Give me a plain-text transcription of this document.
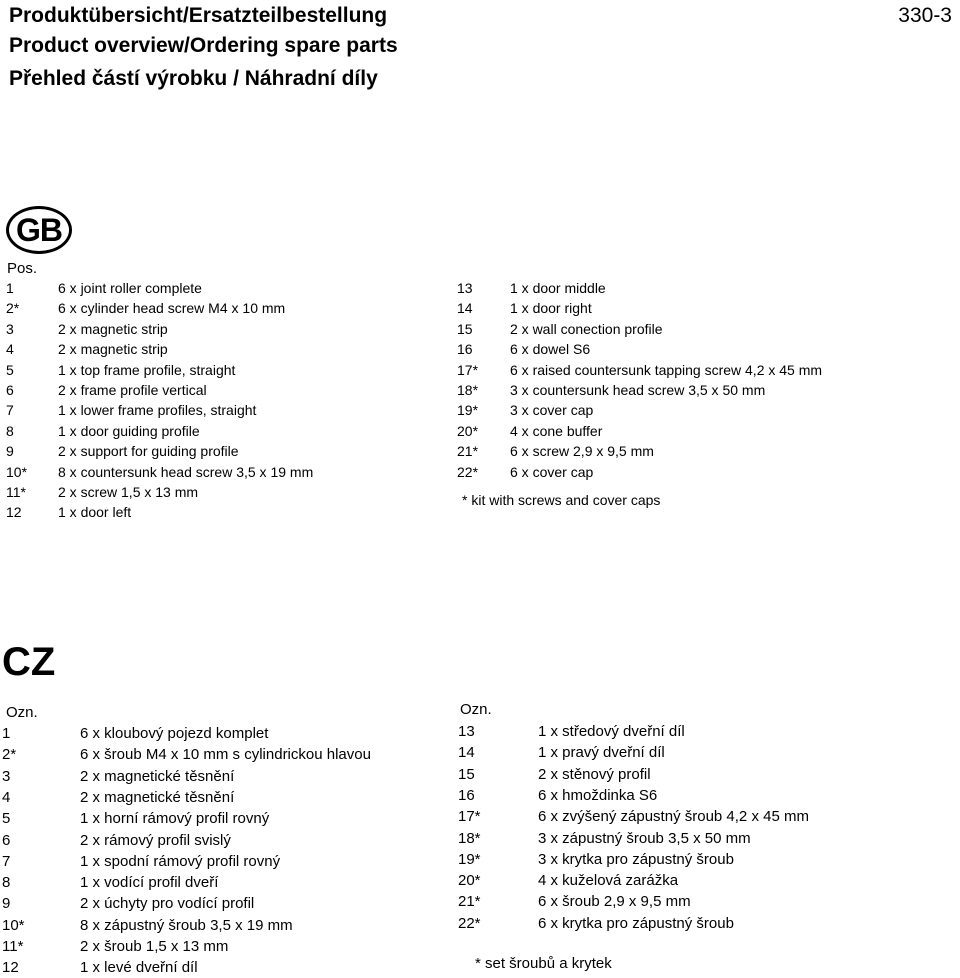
Produktübersicht/Ersatzteilbestellung
Product overview/Ordering spare parts
Přehled částí výrobku / Náhradní díly
330-3
GB
Pos.
1	6 x joint roller complete
2*	6 x cylinder head screw M4 x 10 mm
3	2 x magnetic strip
4	2 x magnetic strip
5	1 x top frame profile, straight
6	2 x frame profile vertical
7	1 x lower frame profiles, straight
8	1 x door guiding profile
9	2 x support for guiding profile
10* 8 x countersunk head screw 3,5 x 19 mm
11* 2 x screw 1,5 x 13 mm
12	1 x door left
13	1 x door middle
14	1 x door right
15	2 x wall conection profile
16	6 x dowel S6
17* 6 x raised countersunk tapping screw 4,2 x 45 mm
18* 3 x countersunk head screw 3,5 x 50 mm
19* 3 x cover cap
20* 4 x cone buffer
21* 6 x screw 2,9 x 9,5 mm
22* 6 x cover cap
* kit with screws and cover caps
CZ
Ozn.	Ozn.
1	6 x kloubový pojezd komplet
2*	6 x šroub M4 x 10 mm s cylindrickou hlavou
3	2 x magnetické těsnění
4	2 x magnetické těsnění
5	1 x horní rámový profil rovný
6	2 x rámový profil svislý
7	1 x spodní rámový profil rovný
8	1 x vodící profil dveří
9	2 x úchyty pro vodící profil
10*	8 x zápustný šroub 3,5 x 19 mm
11*	2 x šroub 1,5 x 13 mm
12	1 x levé dveřní díl
13	1 x středový dveřní díl
14	1 x pravý dveřní díl
15	2 x stěnový profil
16	6 x hmoždinka S6
17*	6 x zvýšený zápustný šroub 4,2 x 45 mm
18*	3 x zápustný šroub 3,5 x 50 mm
19*	3 x krytka pro zápustný šroub
20*	4 x kuželová zarážka
21*	6 x šroub 2,9 x 9,5 mm
22*	6 x krytka pro zápustný šroub
* set šroubů a krytek
